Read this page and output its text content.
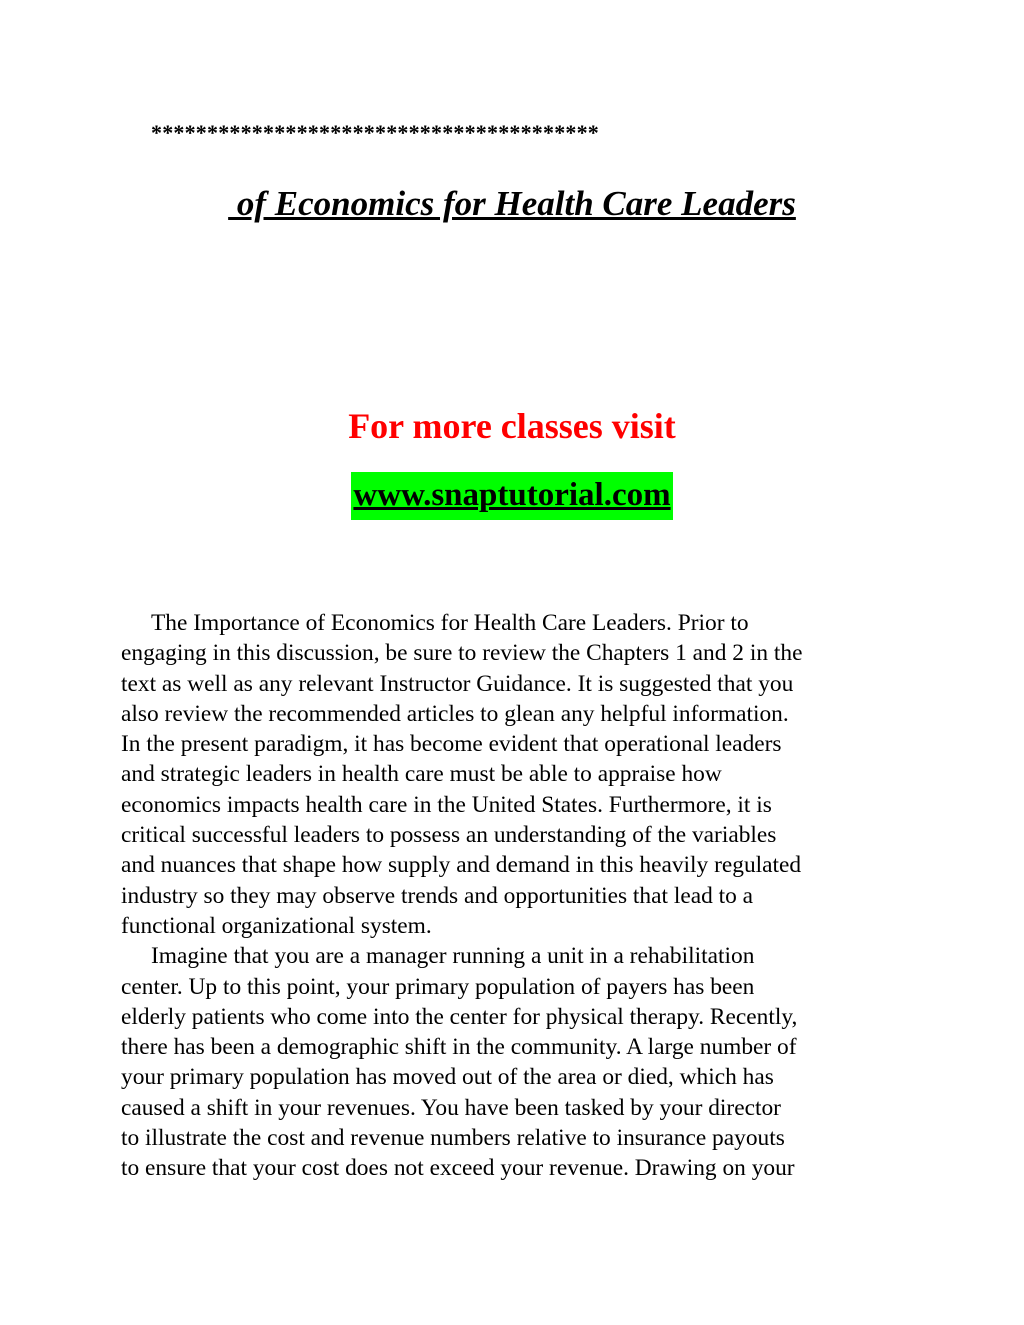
****************************************
of Economics for Health Care Leaders
For more classes visit
www.snaptutorial.com
The Importance of Economics for Health Care Leaders. Prior to
engaging in this discussion, be sure to review the Chapters 1 and 2 in the
text as well as any relevant Instructor Guidance. It is suggested that you
also review the recommended articles to glean any helpful information.
In the present paradigm, it has become evident that operational leaders
and strategic leaders in health care must be able to appraise how
economics impacts health care in the United States. Furthermore, it is
critical successful leaders to possess an understanding of the variables
and nuances that shape how supply and demand in this heavily regulated
industry so they may observe trends and opportunities that lead to a
functional organizational system.
Imagine that you are a manager running a unit in a rehabilitation
center. Up to this point, your primary population of payers has been
elderly patients who come into the center for physical therapy. Recently,
there has been a demographic shift in the community. A large number of
your primary population has moved out of the area or died, which has
caused a shift in your revenues. You have been tasked by your director
to illustrate the cost and revenue numbers relative to insurance payouts
to ensure that your cost does not exceed your revenue. Drawing on your
